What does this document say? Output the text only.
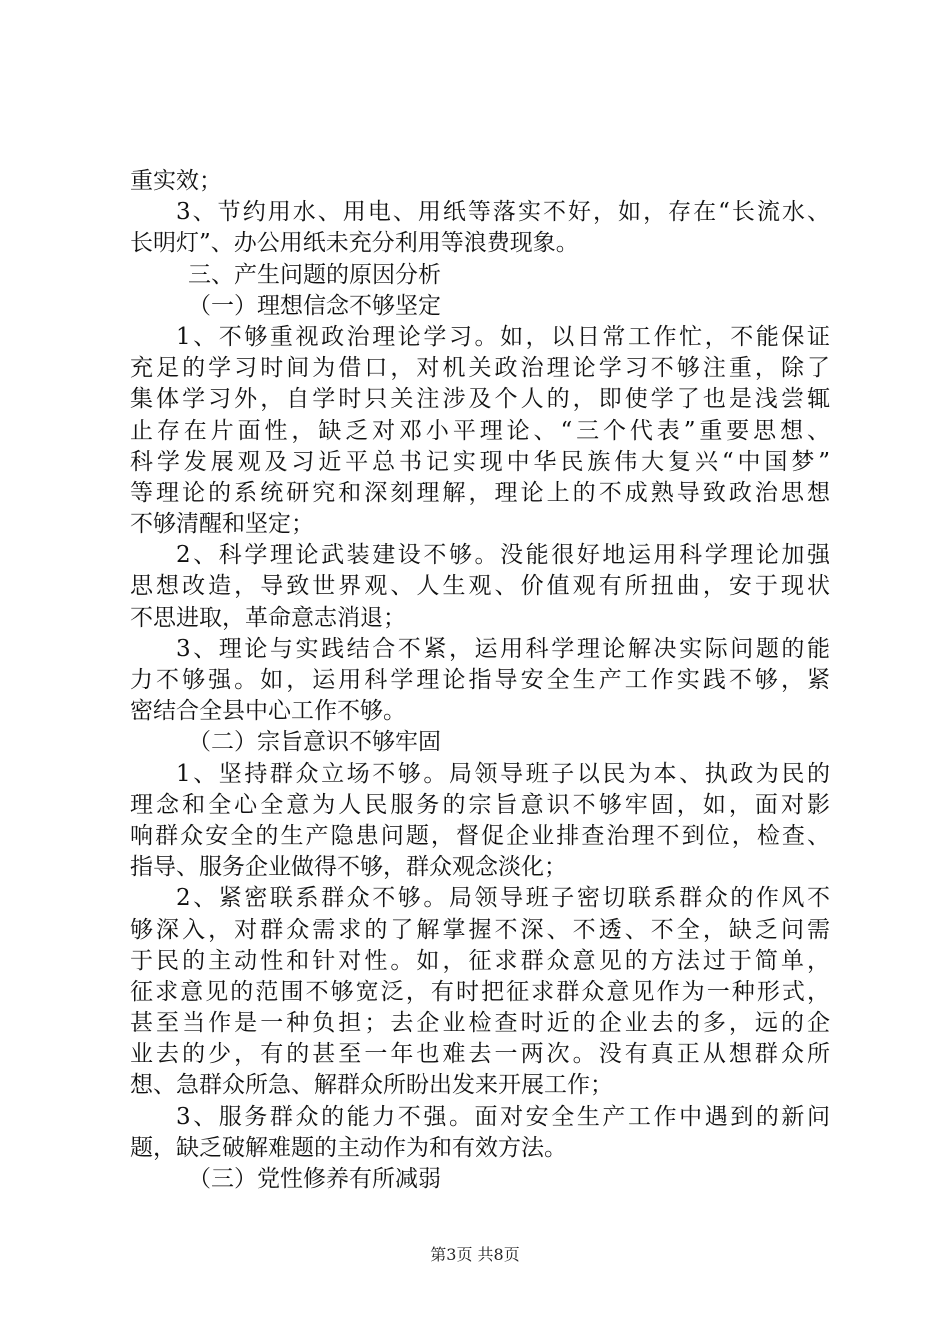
重实效；
3、节约用水、用电、用纸等落实不好，如，存在“长流水、
长明灯”、办公用纸未充分利用等浪费现象。
三、产生问题的原因分析
（一）理想信念不够坚定
1、不够重视政治理论学习。如，以日常工作忙，不能保证
充足的学习时间为借口，对机关政治理论学习不够注重，除了
集体学习外，自学时只关注涉及个人的，即使学了也是浅尝辄
止存在片面性，缺乏对邓小平理论、“三个代表”重要思想、
科学发展观及习近平总书记实现中华民族伟大复兴“中国梦”
等理论的系统研究和深刻理解，理论上的不成熟导致政治思想
不够清醒和坚定；
2、科学理论武装建设不够。没能很好地运用科学理论加强
思想改造，导致世界观、人生观、价值观有所扭曲，安于现状
不思进取，革命意志消退；
3、理论与实践结合不紧，运用科学理论解决实际问题的能
力不够强。如，运用科学理论指导安全生产工作实践不够，紧
密结合全县中心工作不够。
（二）宗旨意识不够牢固
1、坚持群众立场不够。局领导班子以民为本、执政为民的
理念和全心全意为人民服务的宗旨意识不够牢固，如，面对影
响群众安全的生产隐患问题，督促企业排查治理不到位，检查、
指导、服务企业做得不够，群众观念淡化；
2、紧密联系群众不够。局领导班子密切联系群众的作风不
够深入，对群众需求的了解掌握不深、不透、不全，缺乏问需
于民的主动性和针对性。如，征求群众意见的方法过于简单，
征求意见的范围不够宽泛，有时把征求群众意见作为一种形式，
甚至当作是一种负担；去企业检查时近的企业去的多，远的企
业去的少，有的甚至一年也难去一两次。没有真正从想群众所
想、急群众所急、解群众所盼出发来开展工作；
3、服务群众的能力不强。面对安全生产工作中遇到的新问
题，缺乏破解难题的主动作为和有效方法。
（三）党性修养有所减弱
第3页 共8页
